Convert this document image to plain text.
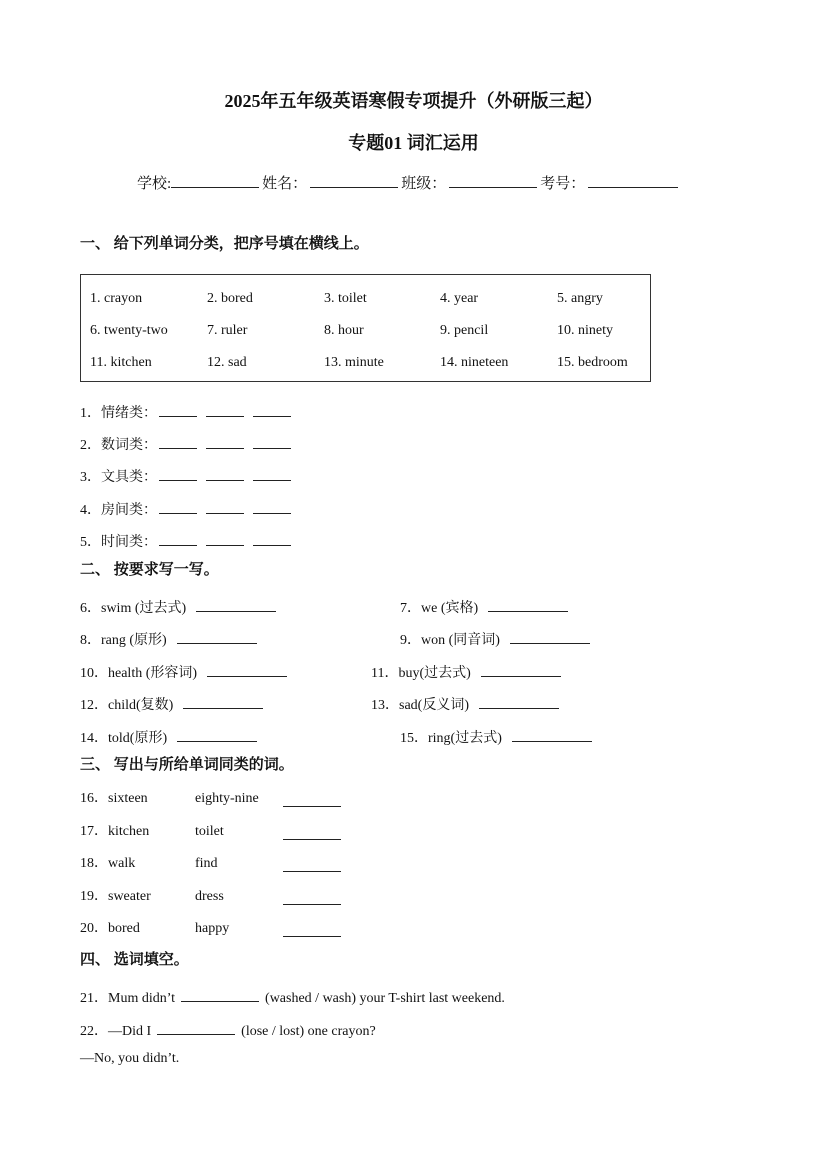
2025年五年级英语寒假专项提升（外研版三起）
专题01 词汇运用
学校:	姓名：	班级：	考号：
一、 给下列单词分类，把序号填在横线上。
1. crayon	2. bored	3. toilet	4. year	5. angry
6. twenty-two	7. ruler	8. hour	9. pencil	10. ninety
11. kitchen	12. sad	13. minute	14. nineteen	15. bedroom
1．情绪类：
2．数词类：
3．文具类：
4．房间类：
5．时间类：
二、 按要求写一写。
6．swim (过去式)	7．we (宾格)
8．rang (原形)	9．won (同音词)
10．health (形容词)	11．buy(过去式)
12．child(复数)	13．sad(反义词)
14．told(原形)	15．ring(过去式)
三、 写出与所给单词同类的词。
16．sixteen	eighty-nine
17．kitchen	toilet
18．walk	find
19．sweater	dress
20．bored	happy
四、 选词填空。
21．Mum didn’t	(washed / wash) your T-shirt last weekend.
22．—Did I	(lose / lost) one crayon?
—No, you didn’t.
